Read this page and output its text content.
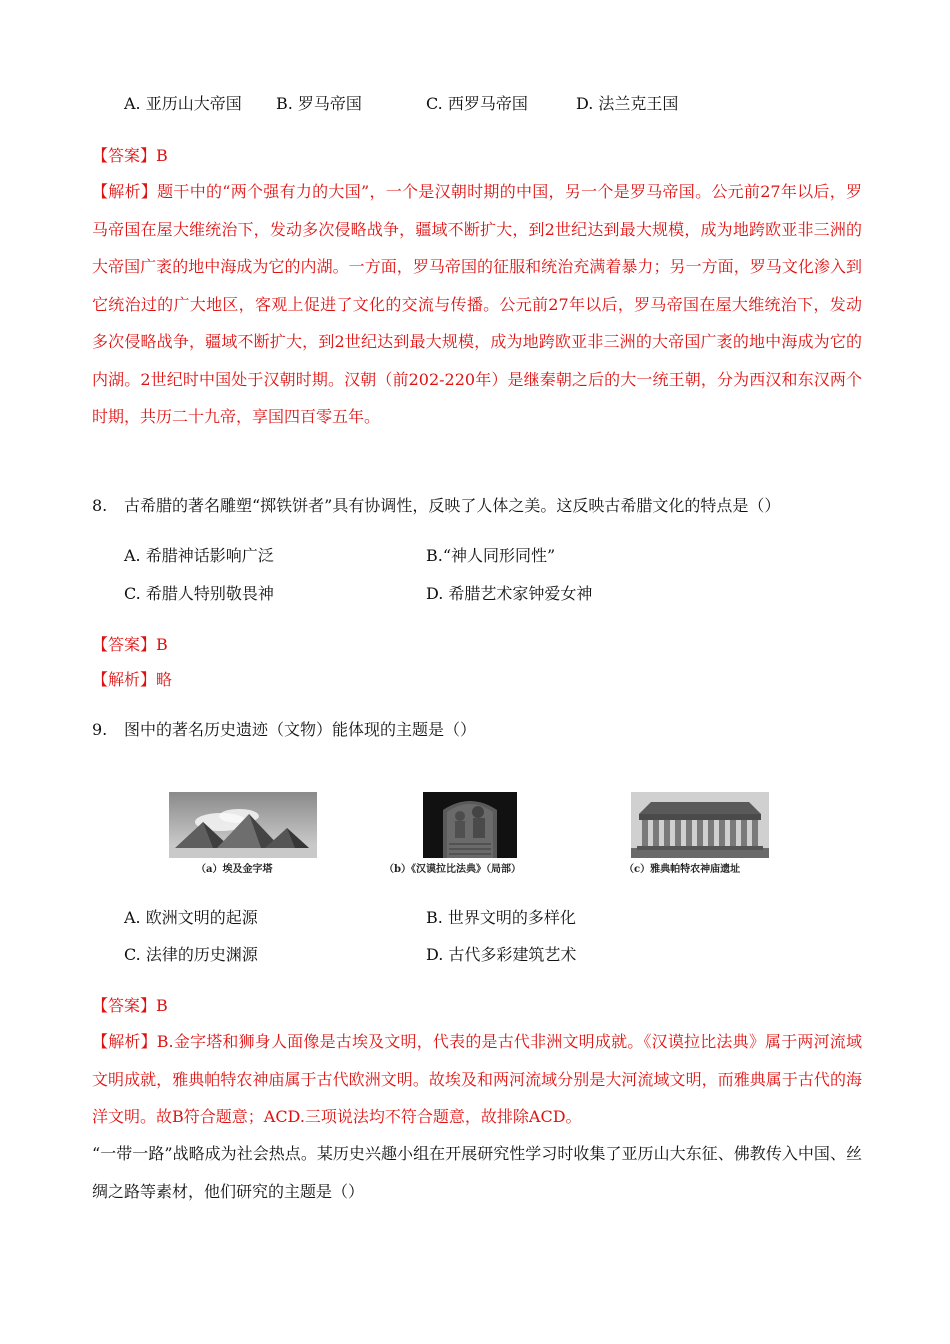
A. 亚历山大帝国 B. 罗马帝国	C. 西罗马帝国	D. 法兰克王国
【答案】B
【解析】题干中的“两个强有力的大国”，一个是汉朝时期的中国，另一个是罗马帝国。公元前27年以后，罗马帝国在屋大维统治下，发动多次侵略战争，疆域不断扩大，到2世纪达到最大规模，成为地跨欧亚非三洲的大帝国广袤的地中海成为它的内湖。一方面，罗马帝国的征服和统治充满着暴力；另一方面，罗马文化渗入到它统治过的广大地区，客观上促进了文化的交流与传播。公元前27年以后，罗马帝国在屋大维统治下，发动多次侵略战争，疆域不断扩大，到2世纪达到最大规模，成为地跨欧亚非三洲的大帝国广袤的地中海成为它的内湖。2世纪时中国处于汉朝时期。汉朝（前202-220年）是继秦朝之后的大一统王朝，分为西汉和东汉两个时期，共历二十九帝，享国四百零五年。
8. 古希腊的著名雕塑“掷铁饼者”具有协调性，反映了人体之美。这反映古希腊文化的特点是（）
A. 希腊神话影响广泛	B.“神人同形同性”
C. 希腊人特别敬畏神	D. 希腊艺术家钟爱女神
【答案】B
【解析】略
9. 图中的著名历史遗迹（文物）能体现的主题是（）
（a）埃及金字塔	（b）《汉谟拉比法典》（局部）	（c）雅典帕特农神庙遗址
A. 欧洲文明的起源	B. 世界文明的多样化
C. 法律的历史渊源	D. 古代多彩建筑艺术
【答案】B
【解析】B.金字塔和狮身人面像是古埃及文明，代表的是古代非洲文明成就。《汉谟拉比法典》属于两河流域文明成就，雅典帕特农神庙属于古代欧洲文明。故埃及和两河流域分别是大河流域文明，而雅典属于古代的海洋文明。故B符合题意；ACD.三项说法均不符合题意，故排除ACD。
“一带一路”战略成为社会热点。某历史兴趣小组在开展研究性学习时收集了亚历山大东征、佛教传入中国、丝绸之路等素材，他们研究的主题是（）
